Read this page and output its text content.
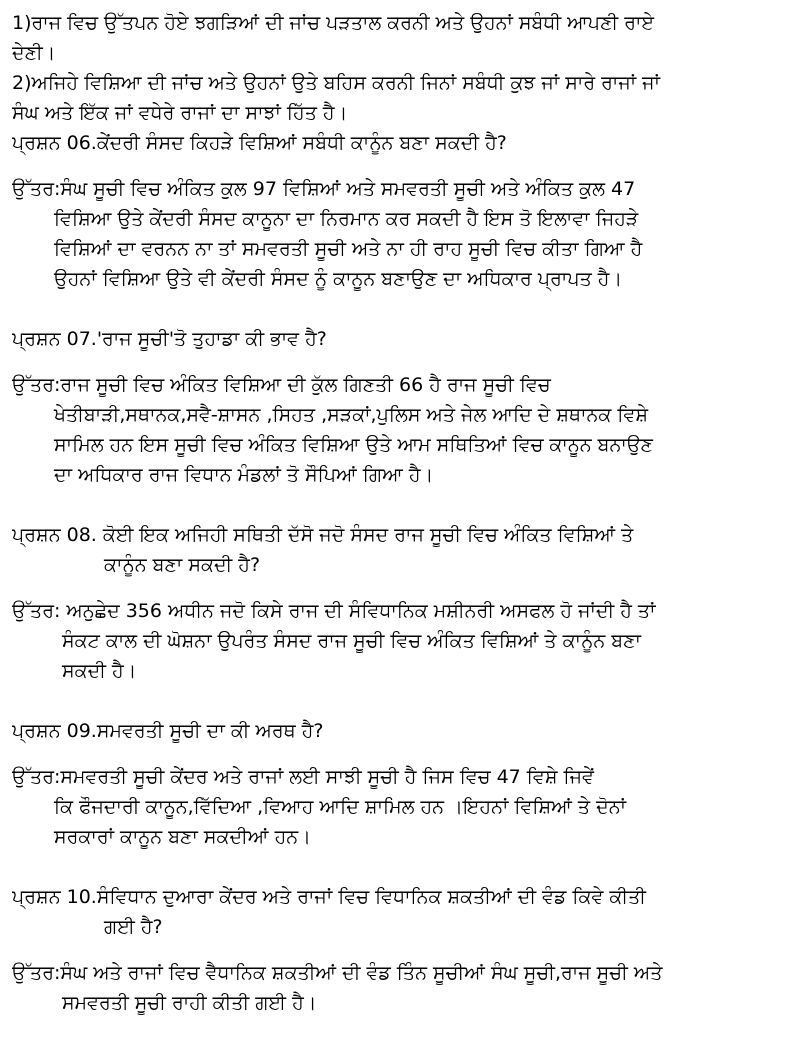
1)ਰਾਜ ਵਿਚ ਉੱਤਪਨ ਹੋਏ ਝਗੜਿਆਂ ਦੀ ਜਾਂਚ ਪੜਤਾਲ ਕਰਨੀ ਅਤੇ ਉਹਨਾਂ ਸਬੰਧੀ ਆਪਣੀ ਰਾਏ
ਦੇਣੀ।
2)ਅਜਿਹੇ ਵਿਸ਼ਿਆ ਦੀ ਜਾਂਚ ਅਤੇ ਉਹਨਾਂ ਉਤੇ ਬਹਿਸ ਕਰਨੀ ਜਿਨਾਂ ਸਬੰਧੀ ਕੁਝ ਜਾਂ ਸਾਰੇ ਰਾਜਾਂ ਜਾਂ
ਸੰਘ ਅਤੇ ਇੱਕ ਜਾਂ ਵਧੇਰੇ ਰਾਜਾਂ ਦਾ ਸਾਝਾਂ ਹਿੱਤ ਹੈ।
ਪ੍ਰਸ਼ਨ 06.ਕੇਂਦਰੀ ਸੰਸਦ ਕਿਹੜੇ ਵਿਸ਼ਿਆਂ ਸਬੰਧੀ ਕਾਨੂੰਨ ਬਣਾ ਸਕਦੀ ਹੈ?
ਉੱਤਰ:ਸੰਘ ਸੂਚੀ ਵਿਚ ਅੰਕਿਤ ਕੁਲ 97 ਵਿਸ਼ਿਆਂ ਅਤੇ ਸਮਵਰਤੀ ਸੂਚੀ ਅਤੇ ਅੰਕਿਤ ਕੁਲ 47
ਵਿਸ਼ਿਆ ਉਤੇ ਕੇਂਦਰੀ ਸੰਸਦ ਕਾਨੂਨਾ ਦਾ ਨਿਰਮਾਨ ਕਰ ਸਕਦੀ ਹੈ ਇਸ ਤੋ ਇਲਾਵਾ ਜਿਹੜੇ
ਵਿਸ਼ਿਆਂ ਦਾ ਵਰਨਨ ਨਾ ਤਾਂ ਸਮਵਰਤੀ ਸੂਚੀ ਅਤੇ ਨਾ ਹੀ ਰਾਹ ਸੂਚੀ ਵਿਚ ਕੀਤਾ ਗਿਆ ਹੈ
ਉਹਨਾਂ ਵਿਸ਼ਿਆ ਉਤੇ ਵੀ ਕੇਂਦਰੀ ਸੰਸਦ ਨੂੰ ਕਾਨੂਨ ਬਣਾਉਣ ਦਾ ਅਧਿਕਾਰ ਪ੍ਰਾਪਤ ਹੈ।
ਪ੍ਰਸ਼ਨ 07.'ਰਾਜ ਸੂਚੀ'ਤੋ ਤੁਹਾਡਾ ਕੀ ਭਾਵ ਹੈ?
ਉੱਤਰ:ਰਾਜ ਸੂਚੀ ਵਿਚ ਅੰਕਿਤ ਵਿਸ਼ਿਆ ਦੀ ਕੁੱਲ ਗਿਣਤੀ 66 ਹੈ ਰਾਜ ਸੂਚੀ ਵਿਚ
ਖੇਤੀਬਾੜੀ,ਸਥਾਨਕ,ਸਵੈ-ਸ਼ਾਸਨ ,ਸਿਹਤ ,ਸੜਕਾਂ,ਪੁਲਿਸ ਅਤੇ ਜੇਲ ਆਦਿ ਦੇ ਸ਼ਥਾਨਕ ਵਿਸ਼ੇ
ਸਾਮਿਲ ਹਨ ਇਸ ਸੂਚੀ ਵਿਚ ਅੰਕਿਤ ਵਿਸ਼ਿਆ ਉਤੇ ਆਮ ਸਥਿਤਿਆਂ ਵਿਚ ਕਾਨੂਨ ਬਨਾਉਣ
ਦਾ ਅਧਿਕਾਰ ਰਾਜ ਵਿਧਾਨ ਮੰਡਲਾਂ ਤੋ ਸੌਪਿਆਂ ਗਿਆ ਹੈ।
ਪ੍ਰਸ਼ਨ 08. ਕੋਈ ਇਕ ਅਜਿਹੀ ਸਥਿਤੀ ਦੱਸੋ ਜਦੋ ਸੰਸਦ ਰਾਜ ਸੂਚੀ ਵਿਚ ਅੰਕਿਤ ਵਿਸ਼ਿਆਂ ਤੇ
ਕਾਨੂੰਨ ਬਣਾ ਸਕਦੀ ਹੈ?
ਉੱਤਰ: ਅਨੁਛੇਦ 356 ਅਧੀਨ ਜਦੋ ਕਿਸੇ ਰਾਜ ਦੀ ਸੰਵਿਧਾਨਿਕ ਮਸ਼ੀਨਰੀ ਅਸਫਲ ਹੋ ਜਾਂਦੀ ਹੈ ਤਾਂ
ਸੰਕਟ ਕਾਲ ਦੀ ਘੋਸ਼ਨਾ ਉਪਰੰਤ ਸੰਸਦ ਰਾਜ ਸੂਚੀ ਵਿਚ ਅੰਕਿਤ ਵਿਸ਼ਿਆਂ ਤੇ ਕਾਨੂੰਨ ਬਣਾ
ਸਕਦੀ ਹੈ।
ਪ੍ਰਸ਼ਨ 09.ਸਮਵਰਤੀ ਸੂਚੀ ਦਾ ਕੀ ਅਰਥ ਹੈ?
ਉੱਤਰ:ਸਮਵਰਤੀ ਸੂਚੀ ਕੇਂਦਰ ਅਤੇ ਰਾਜਾਂ ਲਈ ਸਾਝੀ ਸੂਚੀ ਹੈ ਜਿਸ ਵਿਚ 47 ਵਿਸ਼ੇ ਜਿਵੇਂ
ਕਿ ਫੌਜਦਾਰੀ ਕਾਨੂਨ,ਵਿੱਦਿਆ ,ਵਿਆਹ ਆਦਿ ਸ਼ਾਮਿਲ ਹਨ ।ਇਹਨਾਂ ਵਿਸ਼ਿਆਂ ਤੇ ਦੋਨਾਂ
ਸਰਕਾਰਾਂ ਕਾਨੂਨ ਬਣਾ ਸਕਦੀਆਂ ਹਨ।
ਪ੍ਰਸ਼ਨ 10.ਸੰਵਿਧਾਨ ਦੁਆਰਾ ਕੇਂਦਰ ਅਤੇ ਰਾਜਾਂ ਵਿਚ ਵਿਧਾਨਿਕ ਸ਼ਕਤੀਆਂ ਦੀ ਵੰਡ ਕਿਵੇ ਕੀਤੀ
ਗਈ ਹੈ?
ਉੱਤਰ:ਸੰਘ ਅਤੇ ਰਾਜਾਂ ਵਿਚ ਵੈਧਾਨਿਕ ਸ਼ਕਤੀਆਂ ਦੀ ਵੰਡ ਤਿੰਨ ਸੂਚੀਆਂ ਸੰਘ ਸੂਚੀ,ਰਾਜ ਸੂਚੀ ਅਤੇ
ਸਮਵਰਤੀ ਸੂਚੀ ਰਾਹੀ ਕੀਤੀ ਗਈ ਹੈ।
